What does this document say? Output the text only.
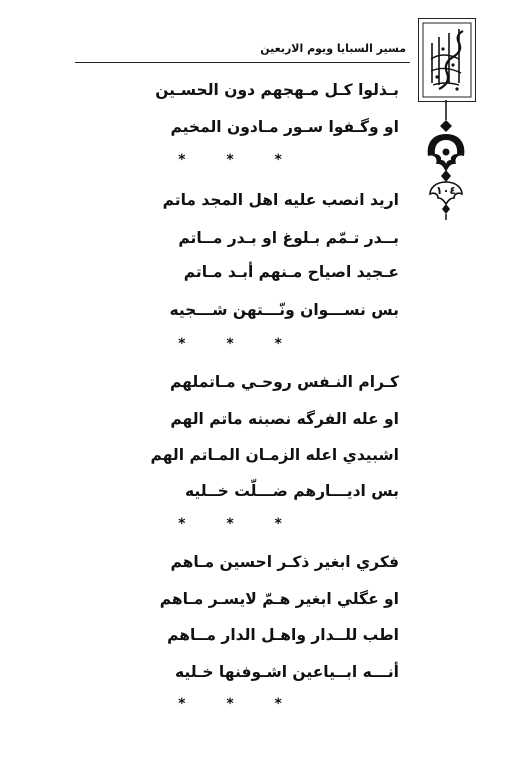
مسير السبايا ويوم الاربعين
١٠٤
بـذلوا كـل مـهجهم دون الحسـين
او وگـفوا سـور مـادون المخيم
* * *
اريد انصب عليه اهل المجد ماتم
بــدر تـمّم بـلوغ او بـدر مــاتم
عـجيد اصياح مـنهم أبـد مـاتم
بس نســـوان ونّـــتهن شـــجيه
* * *
كـرام النـفس روحـي مـاتملهم
او عله الفرگه نصبنه ماتم الهم
اشبيدي اعله الزمـان المـاتم الهم
بس اديـــارهم ضـــلّت خــليه
* * *
فكري ابغير ذكـر احسين مـاهم
او عگلي ابغير هـمّ لايسـر مـاهم
اطب للــدار واهـل الدار مــاهم
أنـــه ابــياعين اشـوفنها خـليه
* * *
